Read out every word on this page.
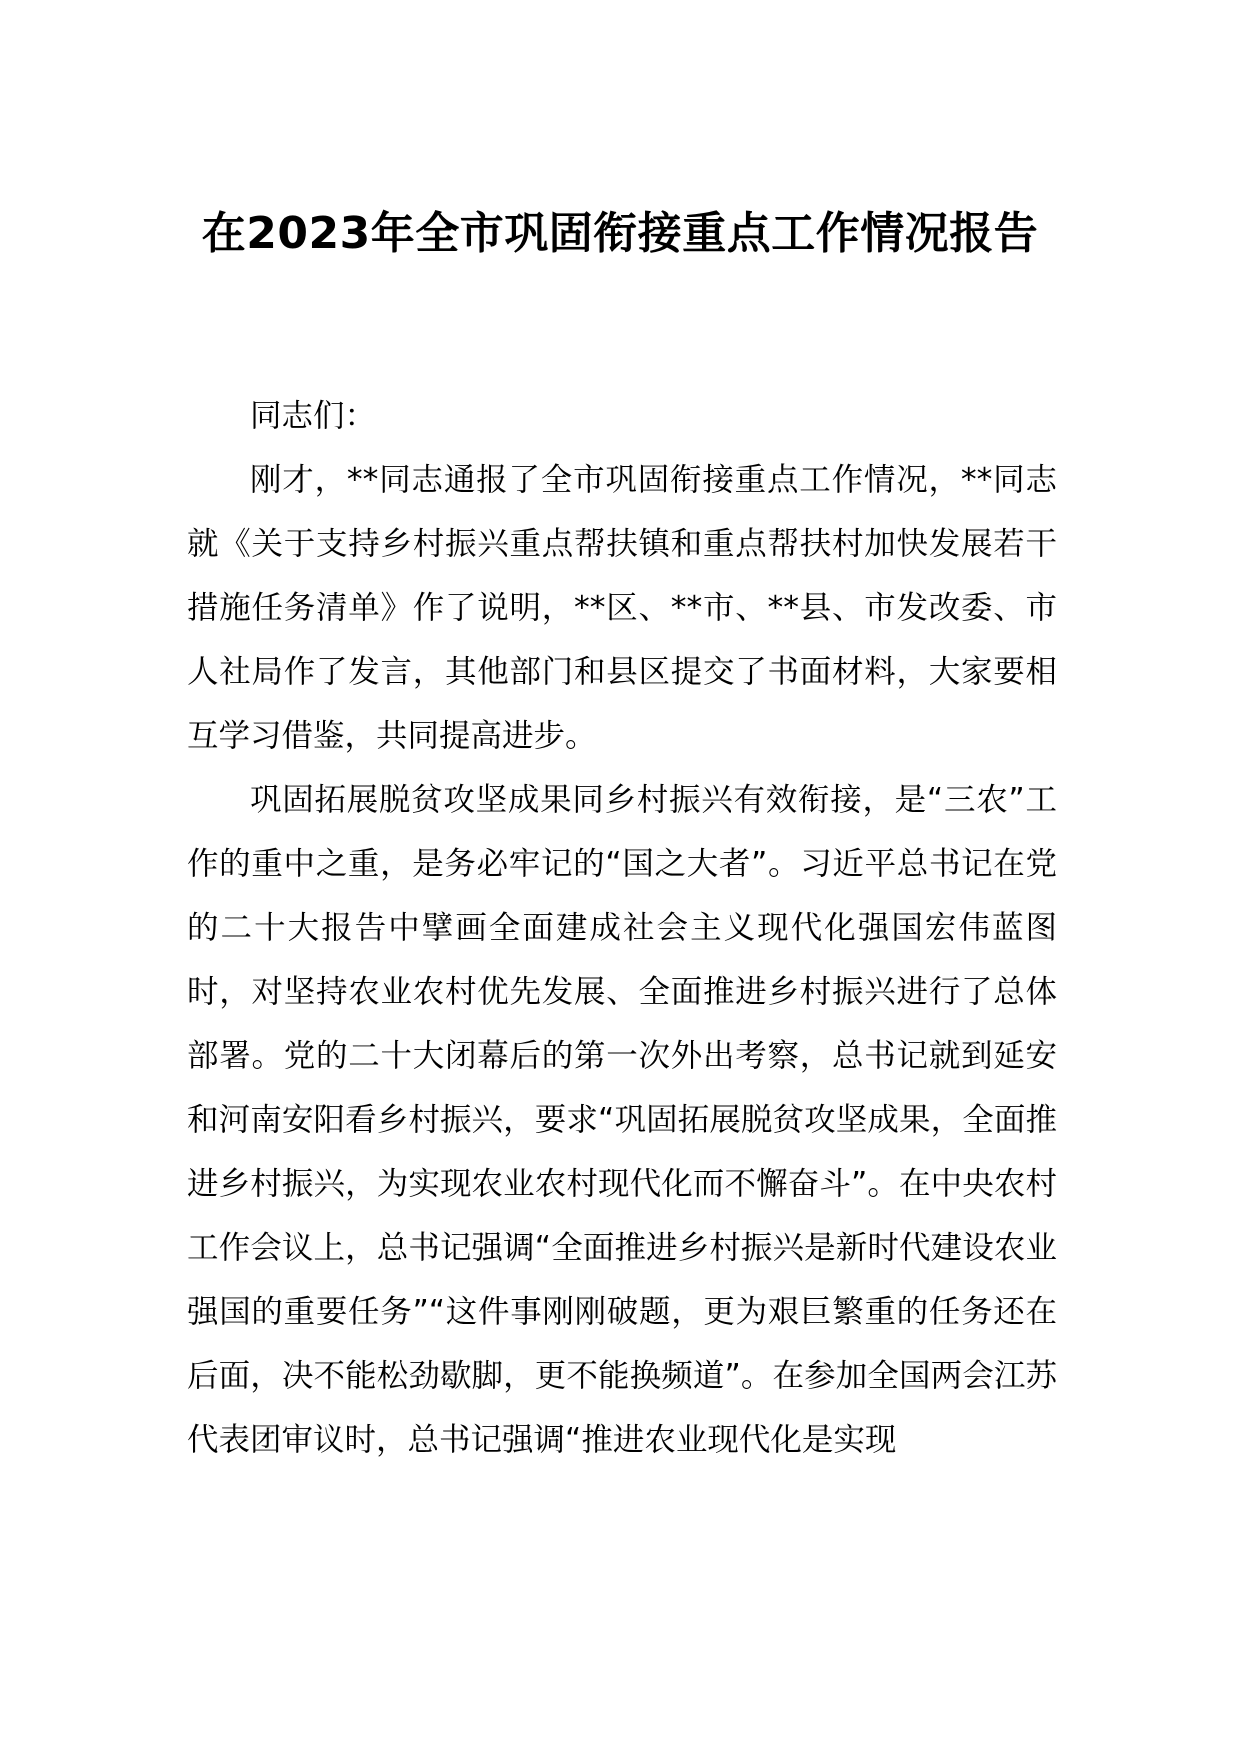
在2023年全市巩固衔接重点工作情况报告

同志们：

刚才，**同志通报了全市巩固衔接重点工作情况，**同志就《关于支持乡村振兴重点帮扶镇和重点帮扶村加快发展若干措施任务清单》作了说明，**区、**市、**县、市发改委、市人社局作了发言，其他部门和县区提交了书面材料，大家要相互学习借鉴，共同提高进步。

巩固拓展脱贫攻坚成果同乡村振兴有效衔接，是“三农”工作的重中之重，是务必牢记的“国之大者”。习近平总书记在党的二十大报告中擘画全面建成社会主义现代化强国宏伟蓝图时，对坚持农业农村优先发展、全面推进乡村振兴进行了总体部署。党的二十大闭幕后的第一次外出考察，总书记就到延安和河南安阳看乡村振兴，要求“巩固拓展脱贫攻坚成果，全面推进乡村振兴，为实现农业农村现代化而不懈奋斗”。在中央农村工作会议上，总书记强调“全面推进乡村振兴是新时代建设农业强国的重要任务”“这件事刚刚破题，更为艰巨繁重的任务还在后面，决不能松劲歇脚，更不能换频道”。在参加全国两会江苏代表团审议时，总书记强调“推进农业现代化是实现
